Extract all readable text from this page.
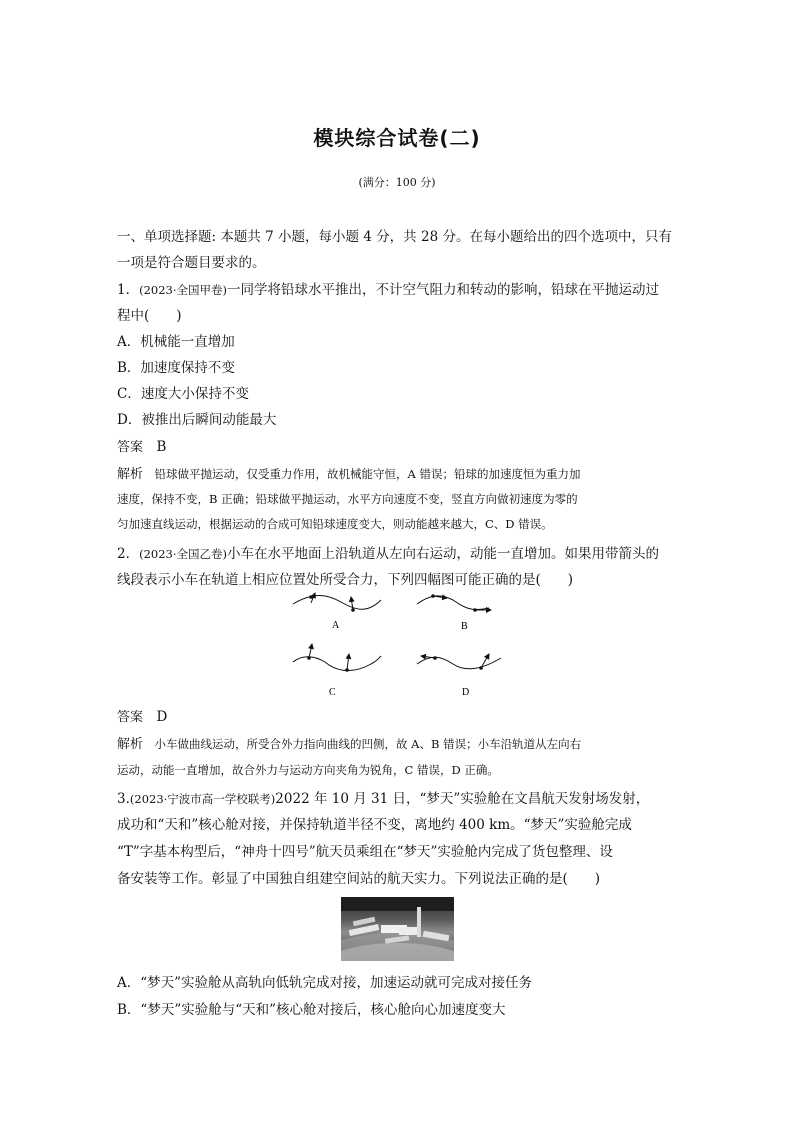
模块综合试卷(二)
(满分：100 分)
一、单项选择题: 本题共 7 小题，每小题 4 分，共 28 分。在每小题给出的四个选项中，只有
一项是符合题目要求的。
1．(2023·全国甲卷)一同学将铅球水平推出，不计空气阻力和转动的影响，铅球在平抛运动过
程中(　　)
A．机械能一直增加
B．加速度保持不变
C．速度大小保持不变
D．被推出后瞬间动能最大
答案　 B
解析　 铅球做平抛运动，仅受重力作用，故机械能守恒，A 错误；铅球的加速度恒为重力加
速度，保持不变，B 正确；铅球做平抛运动，水平方向速度不变，竖直方向做初速度为零的
匀加速直线运动，根据运动的合成可知铅球速度变大，则动能越来越大，C、D 错误。
2．(2023·全国乙卷)小车在水平地面上沿轨道从左向右运动，动能一直增加。如果用带箭头的
线段表示小车在轨道上相应位置处所受合力，下列四幅图可能正确的是(　　)
A	B
C	D
答案　 D
解析　 小车做曲线运动，所受合外力指向曲线的凹侧，故 A、B 错误；小车沿轨道从左向右
运动，动能一直增加，故合外力与运动方向夹角为锐角，C 错误，D 正确。
3.(2023·宁波市高一学校联考)2022 年 10 月 31 日，“梦天”实验舱在文昌航天发射场发射，
成功和“天和”核心舱对接，并保持轨道半径不变，离地约 400 km。“梦天”实验舱完成
“T”字基本构型后，“神舟十四号”航天员乘组在“梦天”实验舱内完成了货包整理、设
备安装等工作。彰显了中国独自组建空间站的航天实力。下列说法正确的是(　　)
A．“梦天”实验舱从高轨向低轨完成对接，加速运动就可完成对接任务
B．“梦天”实验舱与“天和”核心舱对接后，核心舱向心加速度变大
